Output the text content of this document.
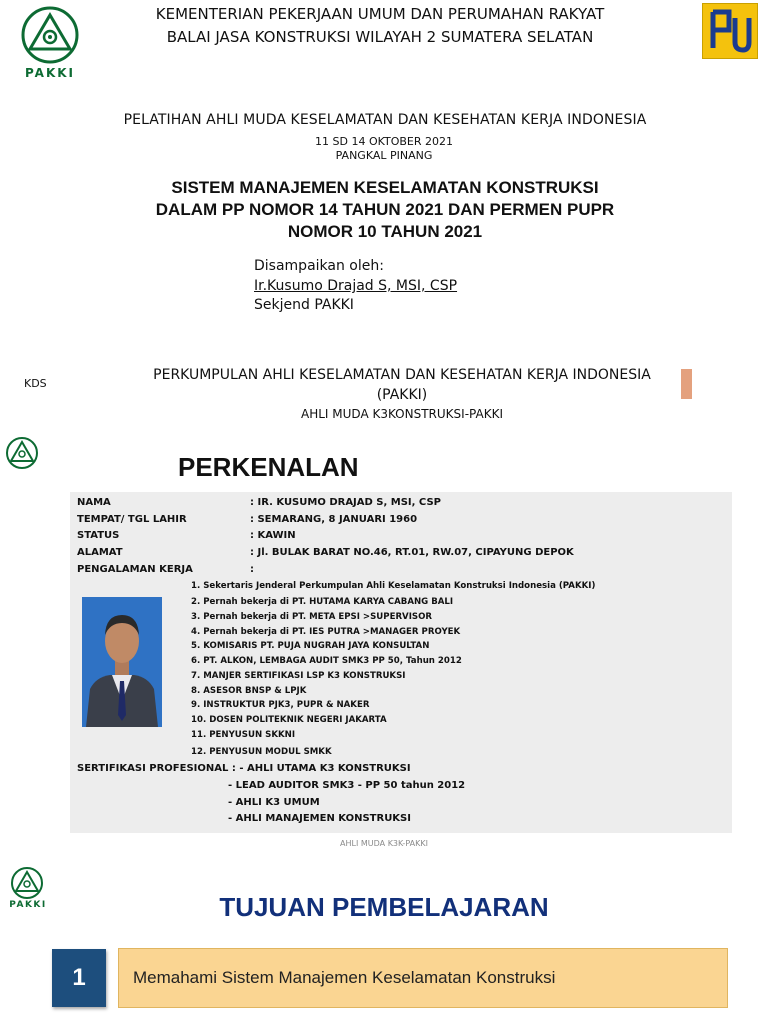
PAKKI
KEMENTERIAN PEKERJAAN UMUM DAN PERUMAHAN RAKYAT
BALAI JASA KONSTRUKSI WILAYAH 2 SUMATERA SELATAN
PELATIHAN AHLI MUDA KESELAMATAN DAN KESEHATAN KERJA INDONESIA
11 SD 14 OKTOBER 2021
PANGKAL PINANG
SISTEM MANAJEMEN KESELAMATAN KONSTRUKSI
DALAM PP NOMOR 14 TAHUN 2021 DAN PERMEN PUPR
NOMOR 10 TAHUN 2021
Disampaikan oleh:
Ir.Kusumo Drajad S, MSI, CSP
Sekjend PAKKI
KDS
PERKUMPULAN AHLI KESELAMATAN DAN KESEHATAN KERJA INDONESIA
(PAKKI)
AHLI MUDA K3KONSTRUKSI-PAKKI
PERKENALAN
NAMA	: IR. KUSUMO DRAJAD S, MSI, CSP
TEMPAT/ TGL LAHIR	: SEMARANG, 8 JANUARI 1960
STATUS	: KAWIN
ALAMAT	: Jl. BULAK BARAT NO.46, RT.01, RW.07, CIPAYUNG DEPOK
PENGALAMAN KERJA	:
1. Sekertaris Jenderal Perkumpulan Ahli Keselamatan Konstruksi Indonesia (PAKKI)
2. Pernah bekerja di PT. HUTAMA KARYA CABANG BALI
3. Pernah bekerja di PT. META EPSI >SUPERVISOR
4. Pernah bekerja di PT. IES PUTRA >MANAGER PROYEK
5. KOMISARIS PT. PUJA NUGRAH JAYA KONSULTAN
6. PT. ALKON, LEMBAGA AUDIT SMK3 PP 50, Tahun 2012
7. MANJER SERTIFIKASI LSP K3 KONSTRUKSI
8. ASESOR BNSP & LPJK
9. INSTRUKTUR PJK3, PUPR & NAKER
10. DOSEN POLITEKNIK NEGERI JAKARTA
11. PENYUSUN SKKNI
12. PENYUSUN MODUL SMKK
SERTIFIKASI PROFESIONAL : - AHLI UTAMA K3 KONSTRUKSI
- LEAD AUDITOR SMK3 - PP 50 tahun 2012
- AHLI K3 UMUM
- AHLI MANAJEMEN KONSTRUKSI
AHLI MUDA K3K-PAKKI
PAKKI	TUJUAN PEMBELAJARAN
1	Memahami Sistem Manajemen Keselamatan Konstruksi
